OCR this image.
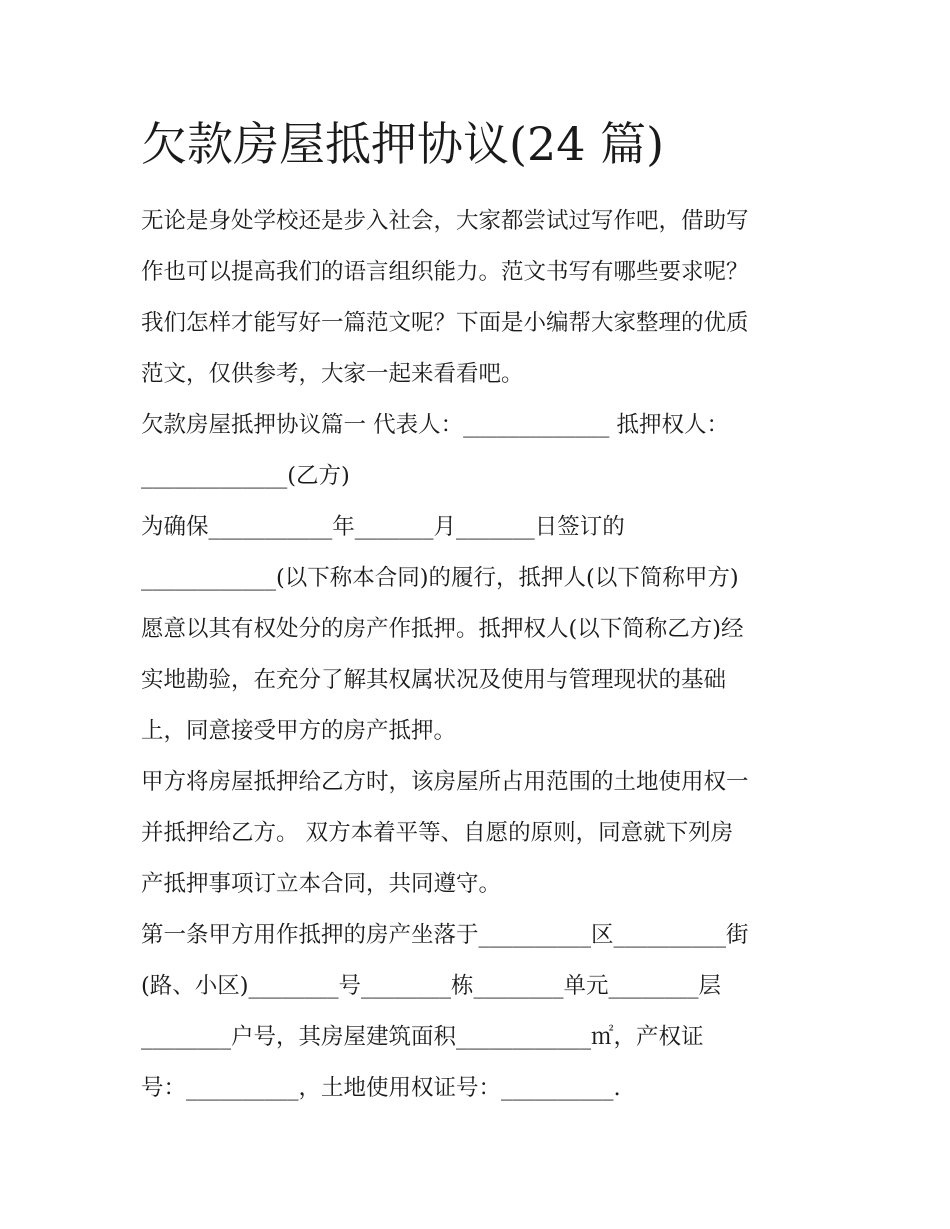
欠款房屋抵押协议(24 篇)
无论是身处学校还是步入社会，大家都尝试过写作吧，借助写
作也可以提高我们的语言组织能力。范文书写有哪些要求呢？
我们怎样才能写好一篇范文呢？下面是小编帮大家整理的优质
范文，仅供参考，大家一起来看看吧。
欠款房屋抵押协议篇一 代表人：_____________ 抵押权人：
_____________(乙方)
为确保___________年_______月_______日签订的
____________(以下称本合同)的履行，抵押人(以下简称甲方)
愿意以其有权处分的房产作抵押。抵押权人(以下简称乙方)经
实地勘验，在充分了解其权属状况及使用与管理现状的基础
上，同意接受甲方的房产抵押。
甲方将房屋抵押给乙方时，该房屋所占用范围的土地使用权一
并抵押给乙方。 双方本着平等、自愿的原则，同意就下列房
产抵押事项订立本合同，共同遵守。
第一条甲方用作抵押的房产坐落于__________区__________街
(路、小区)________号________栋________单元________层
________户号，其房屋建筑面积____________㎡，产权证
号：__________，土地使用权证号：__________.
